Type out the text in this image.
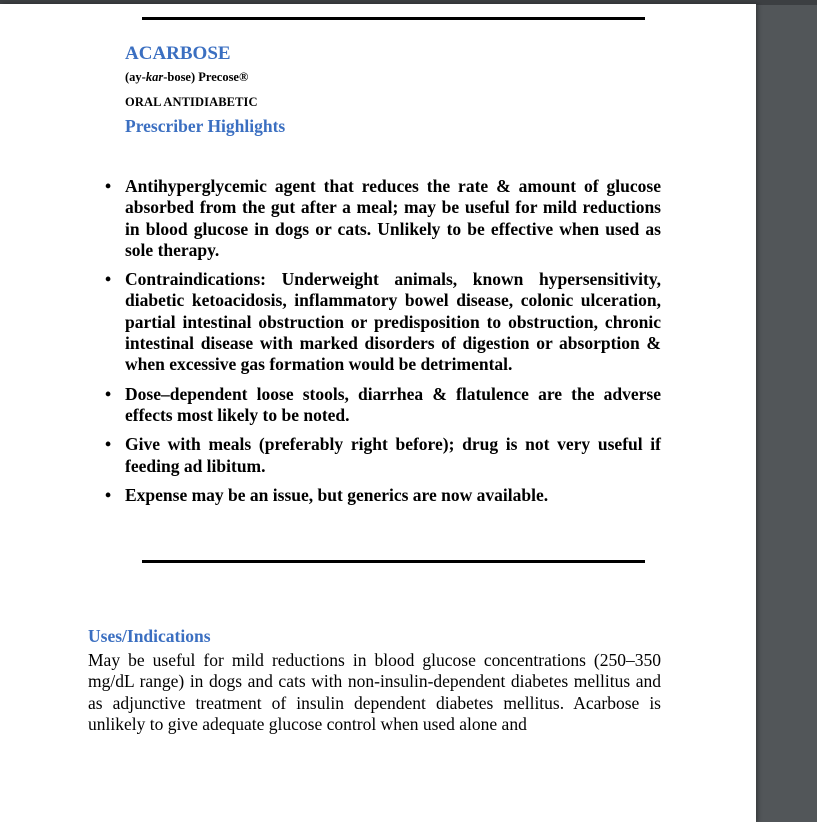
ACARBOSE
(ay-kar-bose) Precose®
ORAL ANTIDIABETIC
Prescriber Highlights
• Antihyperglycemic agent that reduces the rate & amount of glucose absorbed from the gut after a meal; may be useful for mild reductions in blood glucose in dogs or cats. Unlikely to be effective when used as sole therapy.
• Contraindications: Underweight animals, known hypersensitivity, diabetic ketoacidosis, inflammatory bowel disease, colonic ulceration, partial intestinal obstruction or predisposition to obstruction, chronic intestinal disease with marked disorders of digestion or absorption & when excessive gas formation would be detrimental.
• Dose–dependent loose stools, diarrhea & flatulence are the adverse effects most likely to be noted.
• Give with meals (preferably right before); drug is not very useful if feeding ad libitum.
• Expense may be an issue, but generics are now available.
Uses/Indications

May be useful for mild reductions in blood glucose concentrations (250–350 mg/dL range) in dogs and cats with non-insulin-dependent diabetes mellitus and as adjunctive treatment of insulin dependent diabetes mellitus. Acarbose is unlikely to give adequate glucose control when used alone and
